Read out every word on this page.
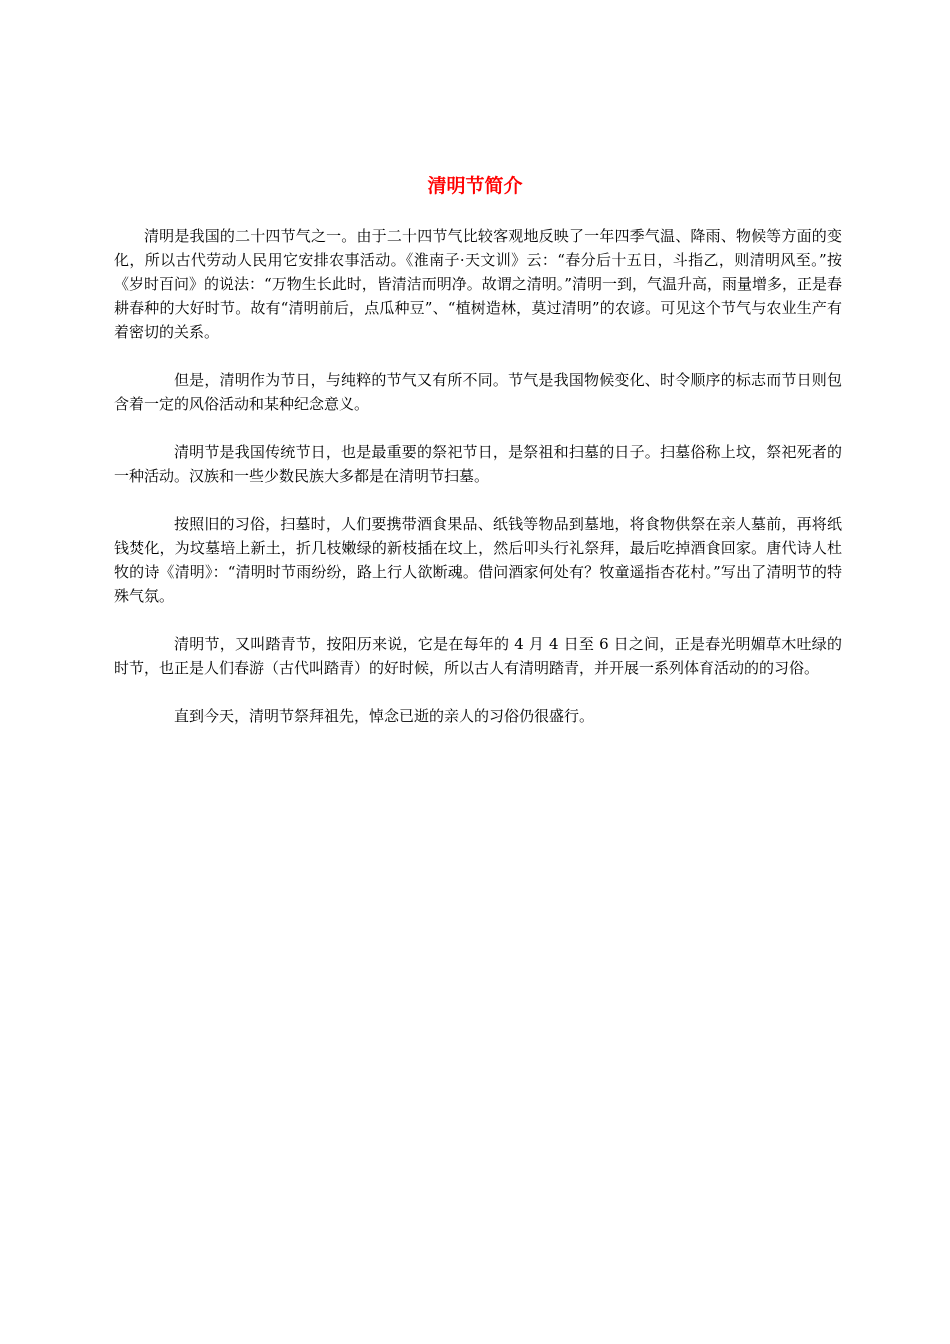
清明节简介

清明是我国的二十四节气之一。由于二十四节气比较客观地反映了一年四季气温、降雨、物候等方面的变化，所以古代劳动人民用它安排农事活动。《淮南子·天文训》云：“春分后十五日，斗指乙，则清明风至。”按《岁时百问》的说法：“万物生长此时，皆清洁而明净。故谓之清明。”清明一到，气温升高，雨量增多，正是春耕春种的大好时节。故有“清明前后，点瓜种豆”、“植树造林，莫过清明”的农谚。可见这个节气与农业生产有着密切的关系。

但是，清明作为节日，与纯粹的节气又有所不同。节气是我国物候变化、时令顺序的标志而节日则包含着一定的风俗活动和某种纪念意义。

清明节是我国传统节日，也是最重要的祭祀节日，是祭祖和扫墓的日子。扫墓俗称上坟，祭祀死者的一种活动。汉族和一些少数民族大多都是在清明节扫墓。

按照旧的习俗，扫墓时，人们要携带酒食果品、纸钱等物品到墓地，将食物供祭在亲人墓前，再将纸钱焚化，为坟墓培上新土，折几枝嫩绿的新枝插在坟上，然后叩头行礼祭拜，最后吃掉酒食回家。唐代诗人杜牧的诗《清明》：“清明时节雨纷纷，路上行人欲断魂。借问酒家何处有？牧童遥指杏花村。”写出了清明节的特殊气氛。

清明节，又叫踏青节，按阳历来说，它是在每年的 4 月 4 日至 6 日之间，正是春光明媚草木吐绿的时节，也正是人们春游（古代叫踏青）的好时候，所以古人有清明踏青，并开展一系列体育活动的的习俗。

直到今天，清明节祭拜祖先，悼念已逝的亲人的习俗仍很盛行。
